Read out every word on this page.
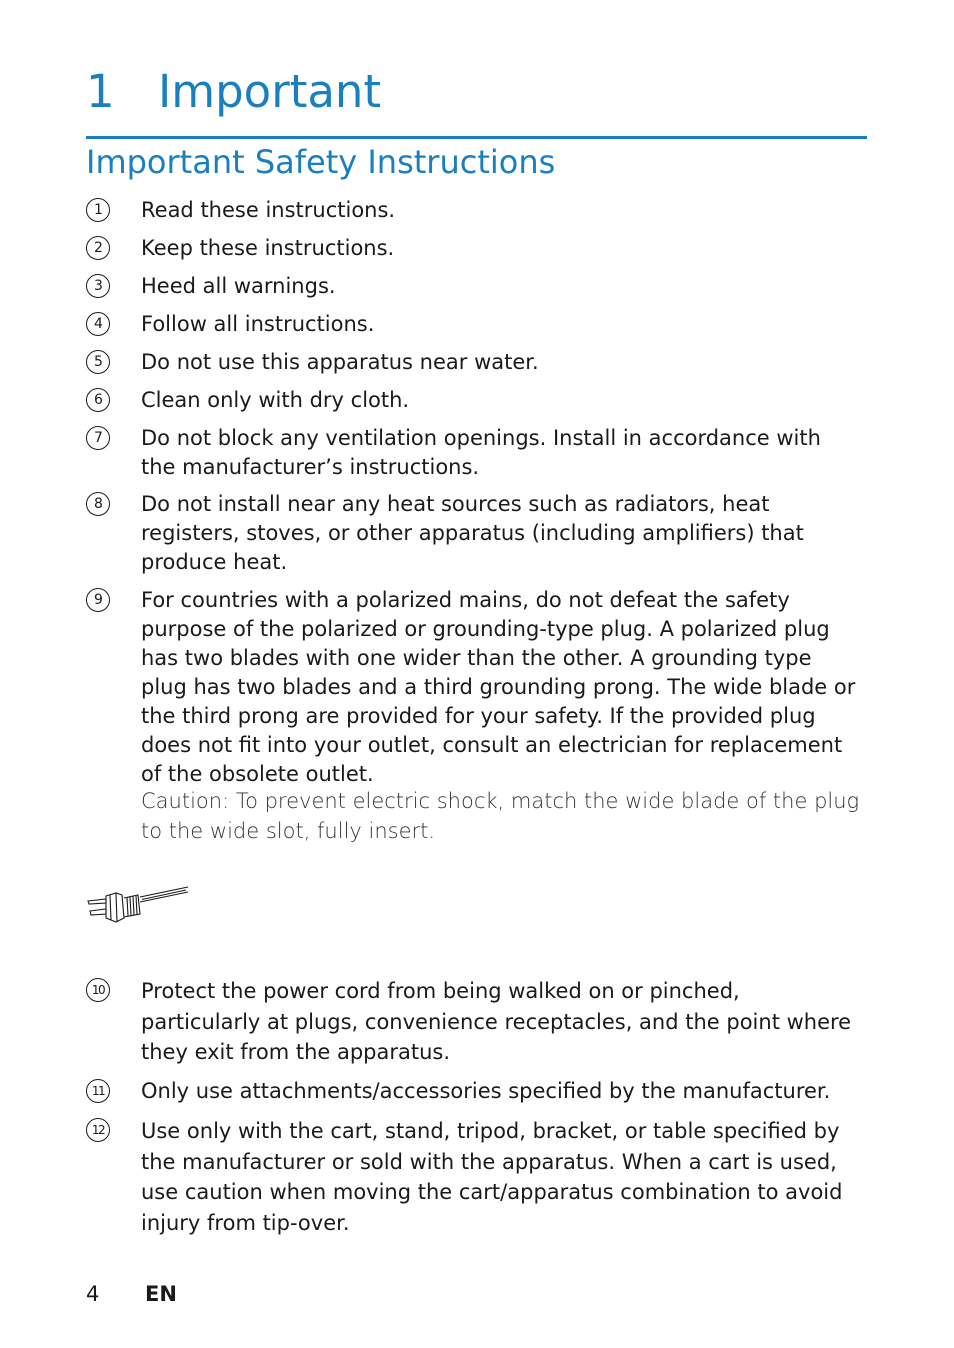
1 Important
Important Safety Instructions
1	Read these instructions.
2	Keep these instructions.
3	Heed all warnings.
4	Follow all instructions.
5	Do not use this apparatus near water.
6	Clean only with dry cloth.
7	Do not block any ventilation openings. Install in accordance with
the manufacturer’s instructions.
8	Do not install near any heat sources such as radiators, heat
registers, stoves, or other apparatus (including amplifiers) that
produce heat.
9	For countries with a polarized mains, do not defeat the safety
purpose of the polarized or grounding-type plug. A polarized plug
has two blades with one wider than the other. A grounding type
plug has two blades and a third grounding prong. The wide blade or
the third prong are provided for your safety. If the provided plug
does not fit into your outlet, consult an electrician for replacement
of the obsolete outlet.
Caution: To prevent electric shock, match the wide blade of the plug
to the wide slot, fully insert.
10 Protect the power cord from being walked on or pinched,
particularly at plugs, convenience receptacles, and the point where
they exit from the apparatus.
11 Only use attachments/accessories specified by the manufacturer.
12 Use only with the cart, stand, tripod, bracket, or table specified by
the manufacturer or sold with the apparatus. When a cart is used,
use caution when moving the cart/apparatus combination to avoid
injury from tip-over.
4 EN
